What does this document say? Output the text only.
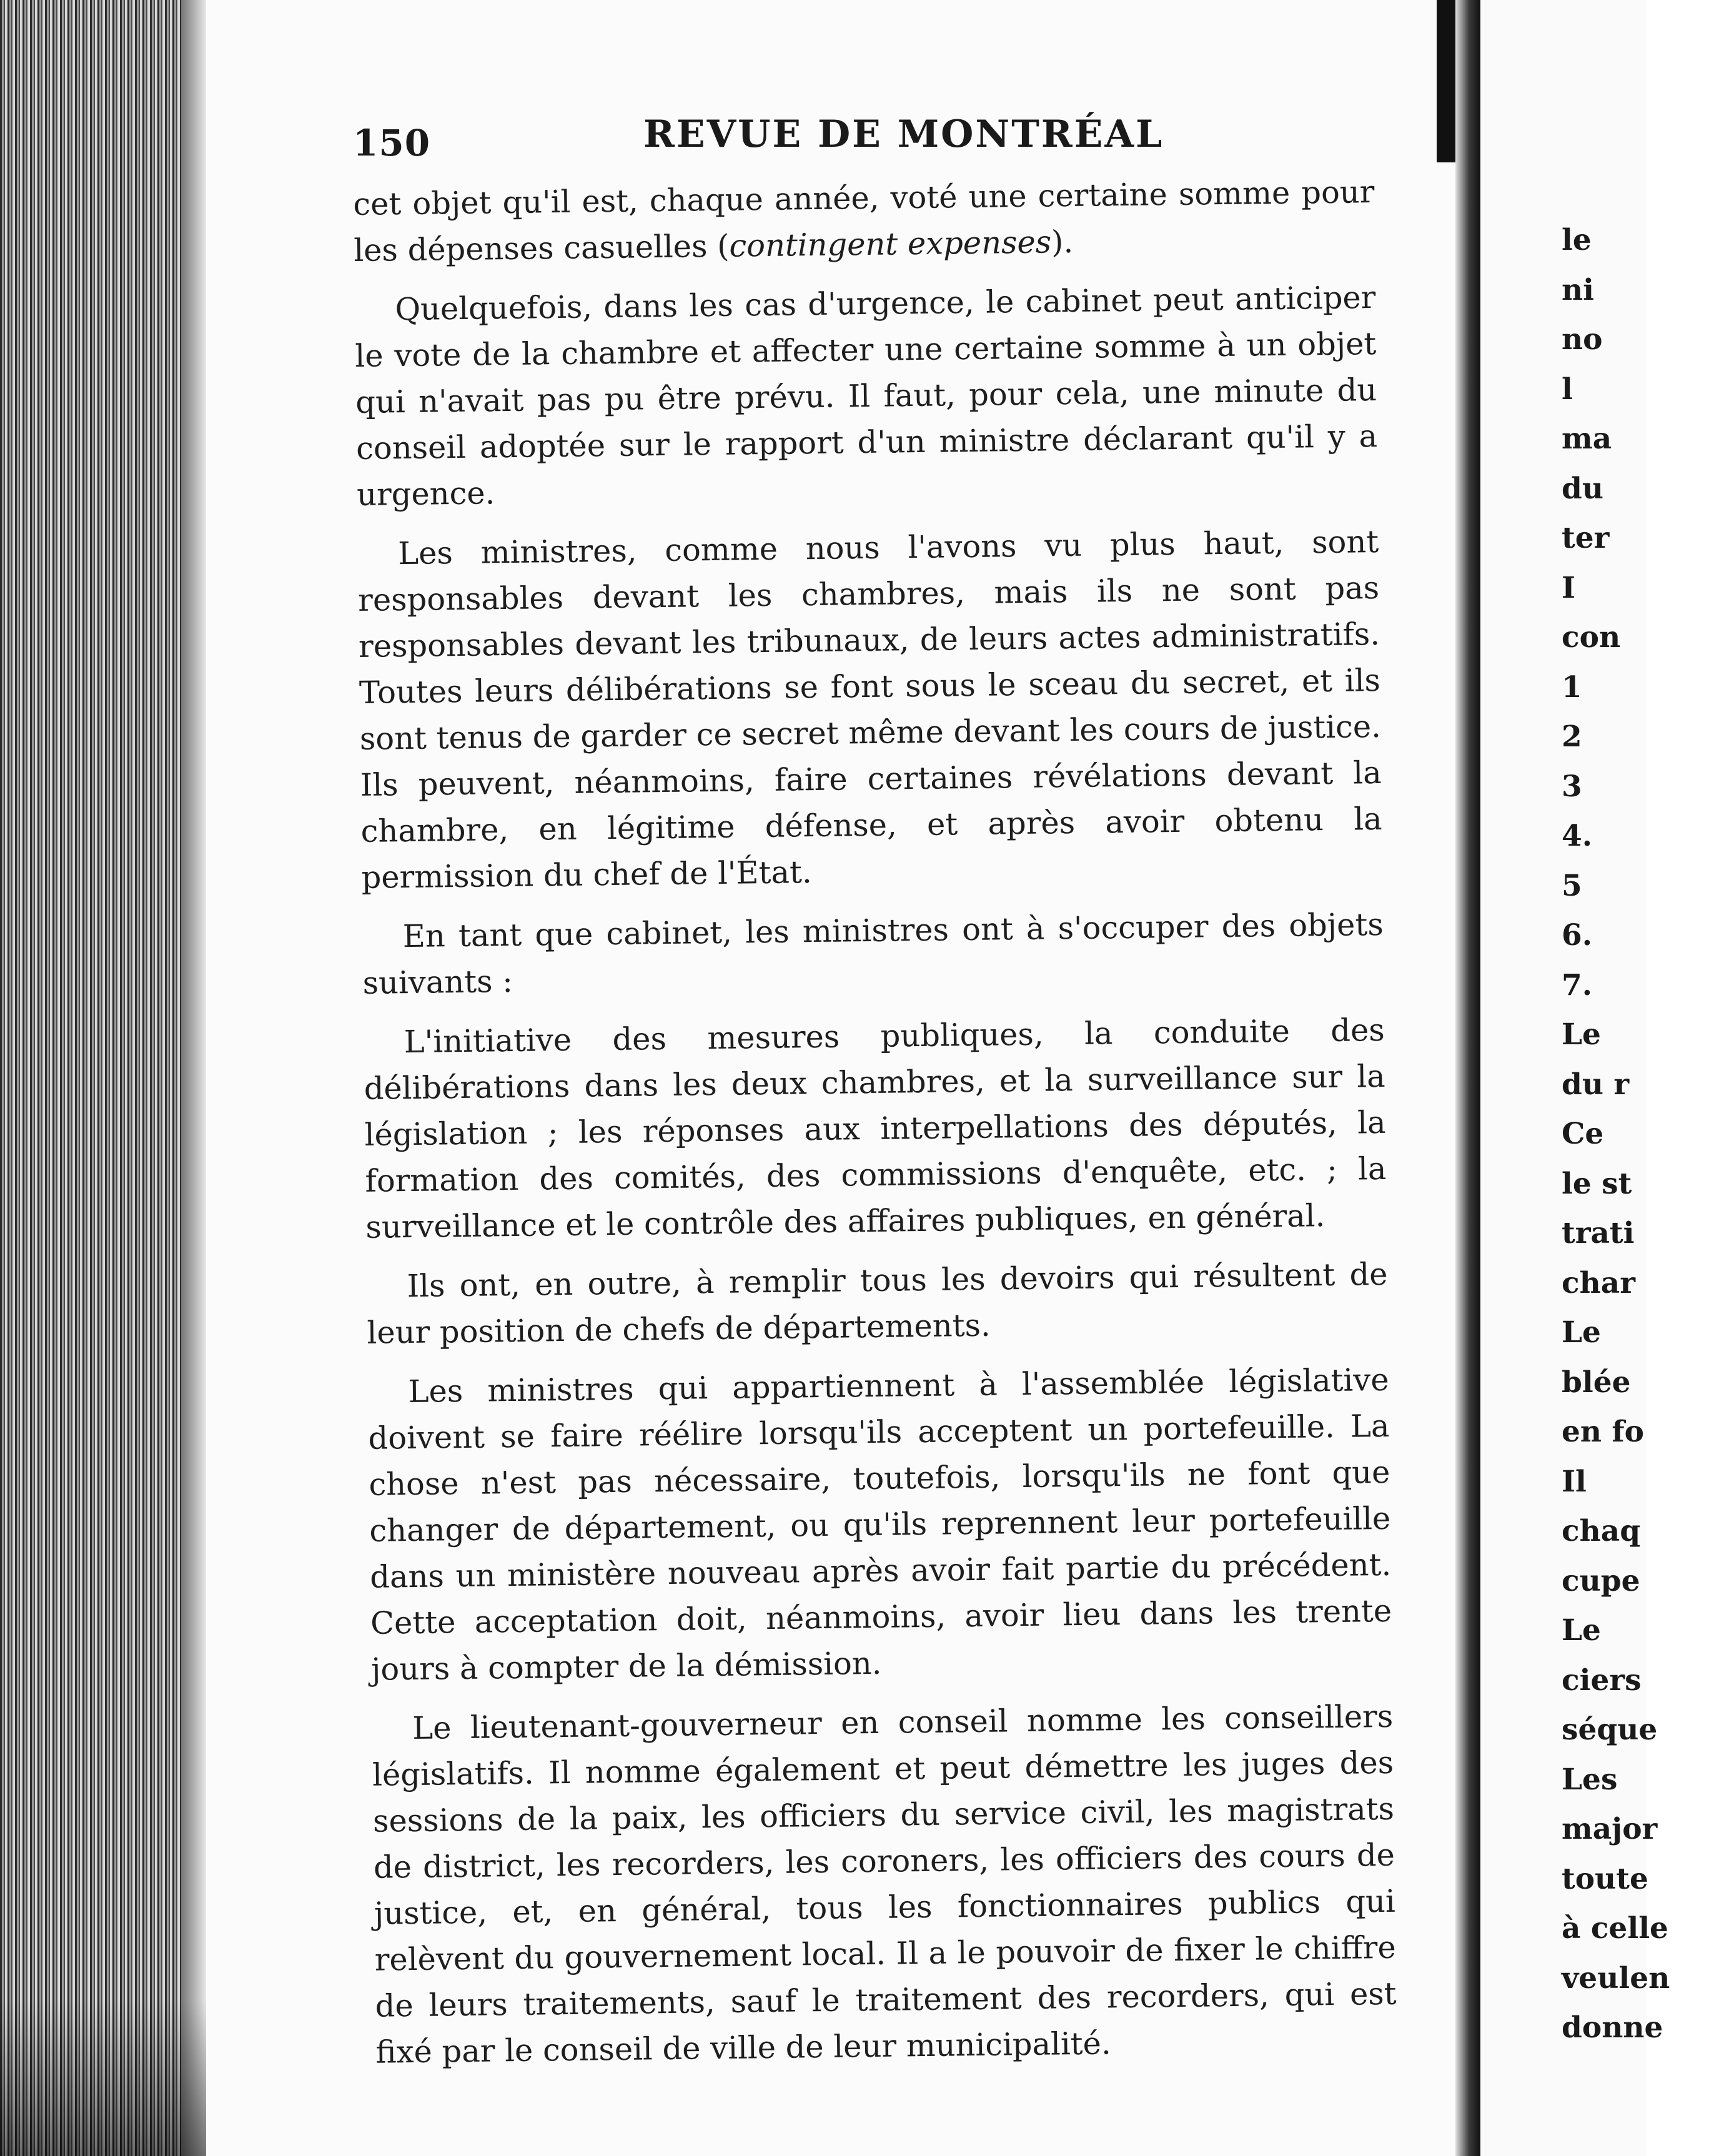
150	REVUE DE MONTRÉAL

cet objet qu'il est, chaque année, voté une certaine somme pour les dépenses casuelles (contingent expenses).

Quelquefois, dans les cas d'urgence, le cabinet peut anticiper le vote de la chambre et affecter une certaine somme à un objet qui n'avait pas pu être prévu. Il faut, pour cela, une minute du conseil adoptée sur le rapport d'un ministre déclarant qu'il y a urgence.

Les ministres, comme nous l'avons vu plus haut, sont responsables devant les chambres, mais ils ne sont pas responsables devant les tribunaux, de leurs actes administratifs. Toutes leurs délibérations se font sous le sceau du secret, et ils sont tenus de garder ce secret même devant les cours de justice. Ils peuvent, néanmoins, faire certaines révélations devant la chambre, en légitime défense, et après avoir obtenu la permission du chef de l'État.

En tant que cabinet, les ministres ont à s'occuper des objets suivants :

L'initiative des mesures publiques, la conduite des délibérations dans les deux chambres, et la surveillance sur la législation ; les réponses aux interpellations des députés, la formation des comités, des commissions d'enquête, etc. ; la surveillance et le contrôle des affaires publiques, en général.

Ils ont, en outre, à remplir tous les devoirs qui résultent de leur position de chefs de départements.

Les ministres qui appartiennent à l'assemblée législative doivent se faire réélire lorsqu'ils acceptent un portefeuille. La chose n'est pas nécessaire, toutefois, lorsqu'ils ne font que changer de département, ou qu'ils reprennent leur portefeuille dans un ministère nouveau après avoir fait partie du précédent. Cette acceptation doit, néanmoins, avoir lieu dans les trente jours à compter de la démission.

Le lieutenant-gouverneur en conseil nomme les conseillers législatifs. Il nomme également et peut démettre les juges des sessions de la paix, les officiers du service civil, les magistrats de district, les recorders, les coroners, les officiers des cours de justice, et, en général, tous les fonctionnaires publics qui relèvent du gouvernement local. Il a le pouvoir de fixer le chiffre de leurs traitements, sauf le traitement des recorders, qui est fixé par le conseil de ville de leur municipalité.

le
ni
no
l
ma
du
ter
I
con
1
2
3
4.
5
6.
7.
Le
du r
Ce
le st
trati
char
Le
blée
en fo
Il
chaq
cupe
Le
ciers
séque
Les
major
toute
à celle
veulen
donne
